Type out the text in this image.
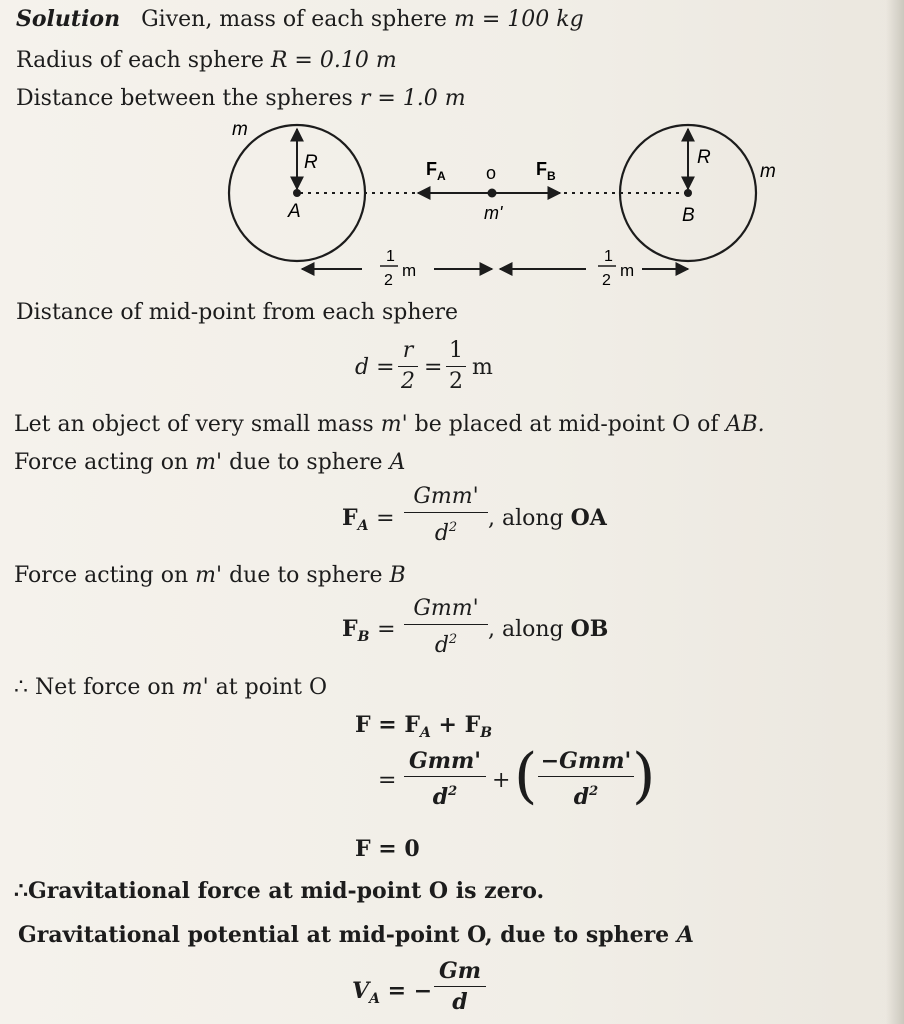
Solution Given, mass of each sphere m = 100 kg
Radius of each sphere R = 0.10 m
Distance between the spheres r = 1.0 m
m
m
R	R
A	B
o
m'
$F_A$	$F_B$
1
2
m
1
2
m
Distance of mid-point from each sphere
d =
r
2
=
1
2
m
Let an object of very small mass m' be placed at mid-point O of AB.
Force acting on m' due to sphere A
$F_A$ =
Gmm'
$d^2$	, along OA
Force acting on m' due to sphere B
$F_B$ =
Gmm'
$d^2$	, along OB
∴ Net force on m' at point O
$F = F_A + F_B$
=
Gmm'
$d^2$	+ ( −Gmm'
$d^2$ )
F = 0
∴Gravitational force at mid-point O is zero.
Gravitational potential at mid-point O, due to sphere A
$V_A$ = −
Gm
d
